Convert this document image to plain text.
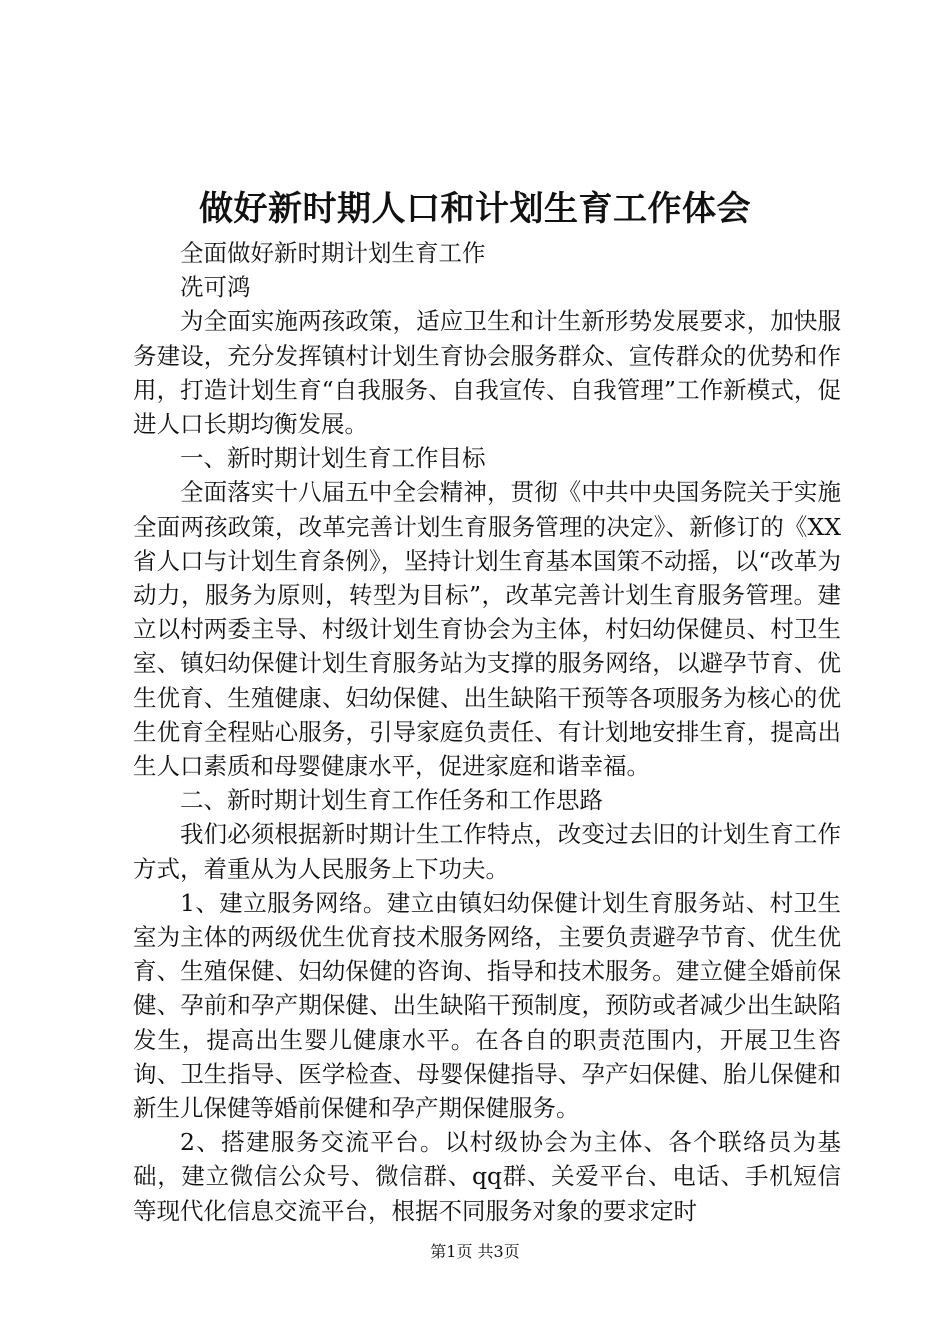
做好新时期人口和计划生育工作体会

全面做好新时期计划生育工作

冼可鸿

为全面实施两孩政策，适应卫生和计生新形势发展要求，加快服务建设，充分发挥镇村计划生育协会服务群众、宣传群众的优势和作用，打造计划生育“自我服务、自我宣传、自我管理”工作新模式，促进人口长期均衡发展。

一、新时期计划生育工作目标

全面落实十八届五中全会精神，贯彻《中共中央国务院关于实施全面两孩政策，改革完善计划生育服务管理的决定》、新修订的《XX省人口与计划生育条例》，坚持计划生育基本国策不动摇，以“改革为动力，服务为原则，转型为目标”，改革完善计划生育服务管理。建立以村两委主导、村级计划生育协会为主体，村妇幼保健员、村卫生室、镇妇幼保健计划生育服务站为支撑的服务网络，以避孕节育、优生优育、生殖健康、妇幼保健、出生缺陷干预等各项服务为核心的优生优育全程贴心服务，引导家庭负责任、有计划地安排生育，提高出生人口素质和母婴健康水平，促进家庭和谐幸福。

二、新时期计划生育工作任务和工作思路

我们必须根据新时期计生工作特点，改变过去旧的计划生育工作方式，着重从为人民服务上下功夫。

1、建立服务网络。建立由镇妇幼保健计划生育服务站、村卫生室为主体的两级优生优育技术服务网络，主要负责避孕节育、优生优育、生殖保健、妇幼保健的咨询、指导和技术服务。建立健全婚前保健、孕前和孕产期保健、出生缺陷干预制度，预防或者减少出生缺陷发生，提高出生婴儿健康水平。在各自的职责范围内，开展卫生咨询、卫生指导、医学检查、母婴保健指导、孕产妇保健、胎儿保健和新生儿保健等婚前保健和孕产期保健服务。

2、搭建服务交流平台。以村级协会为主体、各个联络员为基础，建立微信公众号、微信群、qq群、关爱平台、电话、手机短信等现代化信息交流平台，根据不同服务对象的要求定时

第1页 共3页
